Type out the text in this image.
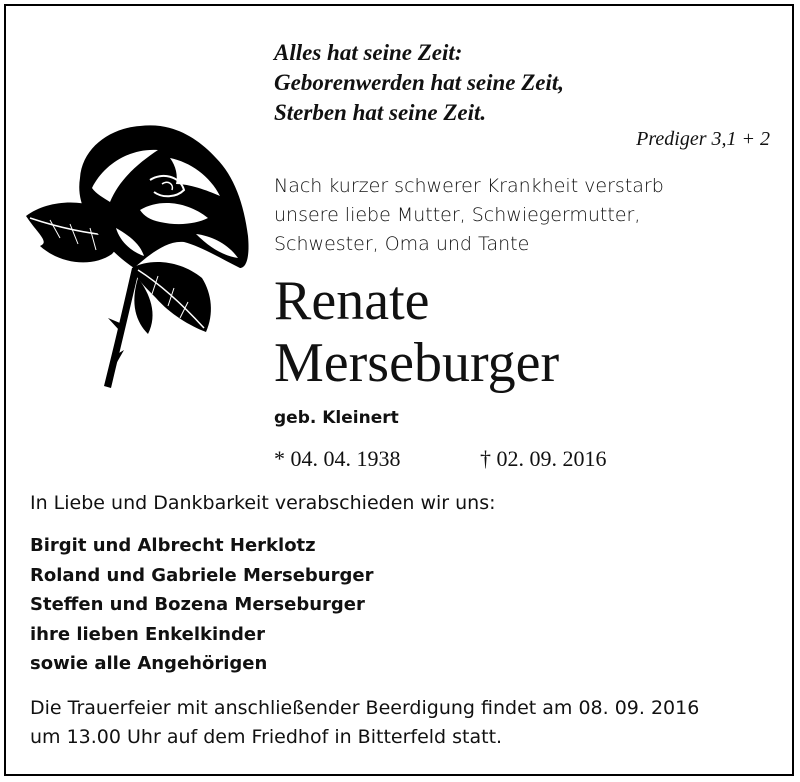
Alles hat seine Zeit:
Geborenwerden hat seine Zeit,
Sterben hat seine Zeit.
Prediger 3,1 + 2
Nach kurzer schwerer Krankheit verstarb
unsere liebe Mutter, Schwiegermutter,
Schwester, Oma und Tante
Renate
Merseburger
geb. Kleinert
* 04. 04. 1938	† 02. 09. 2016
In Liebe und Dankbarkeit verabschieden wir uns:
Birgit und Albrecht Herklotz
Roland und Gabriele Merseburger
Steffen und Bozena Merseburger
ihre lieben Enkelkinder
sowie alle Angehörigen
Die Trauerfeier mit anschließender Beerdigung findet am 08. 09. 2016
um 13.00 Uhr auf dem Friedhof in Bitterfeld statt.
